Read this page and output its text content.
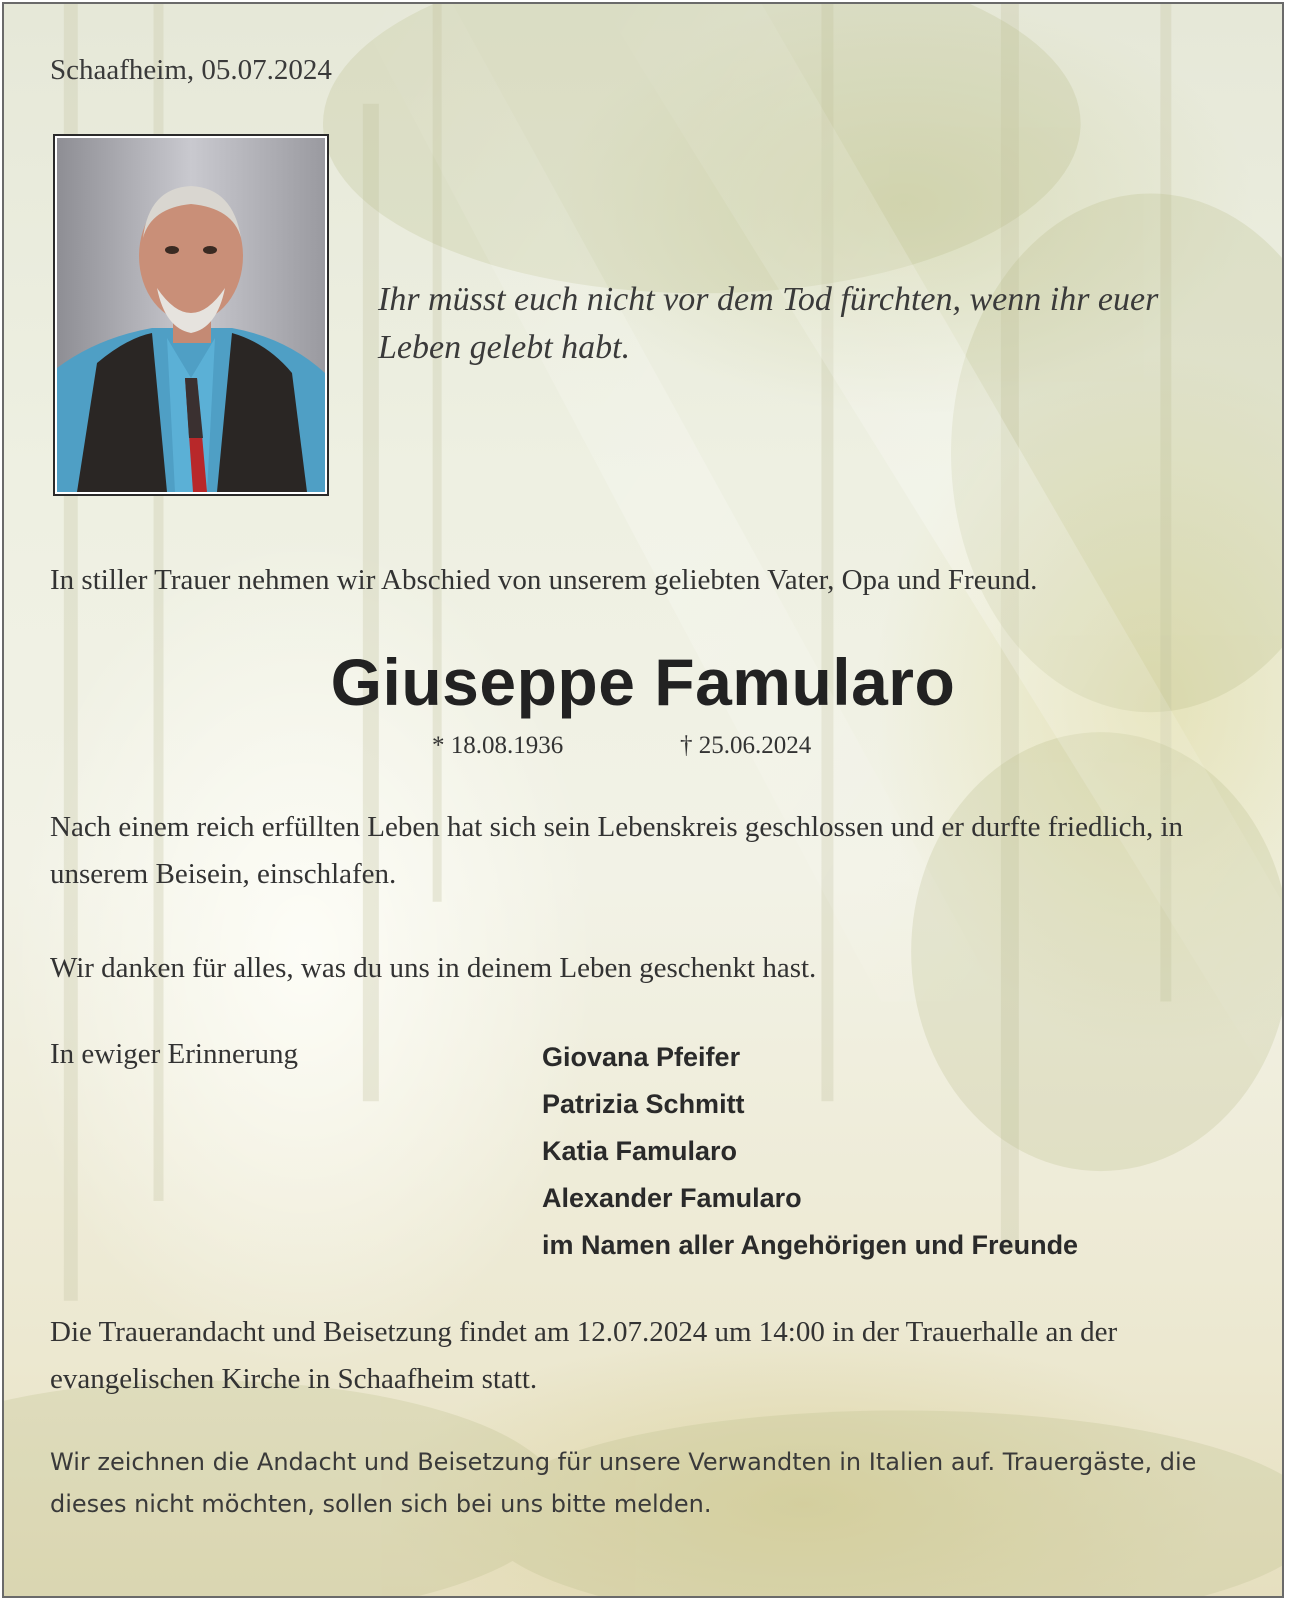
Schaafheim, 05.07.2024
Ihr müsst euch nicht vor dem Tod fürchten, wenn ihr euer Leben gelebt habt.
In stiller Trauer nehmen wir Abschied von unserem geliebten Vater, Opa und Freund.
Giuseppe Famularo
* 18.08.1936	† 25.06.2024
Nach einem reich erfüllten Leben hat sich sein Lebenskreis geschlossen und er durfte friedlich, in unserem Beisein, einschlafen.
Wir danken für alles, was du uns in deinem Leben geschenkt hast.
In ewiger Erinnerung	Giovana Pfeifer
Patrizia Schmitt
Katia Famularo
Alexander Famularo
im Namen aller Angehörigen und Freunde
Die Trauerandacht und Beisetzung findet am 12.07.2024 um 14:00 in der Trauerhalle an der evangelischen Kirche in Schaafheim statt.
Wir zeichnen die Andacht und Beisetzung für unsere Verwandten in Italien auf. Trauergäste, die dieses nicht möchten, sollen sich bei uns bitte melden.
